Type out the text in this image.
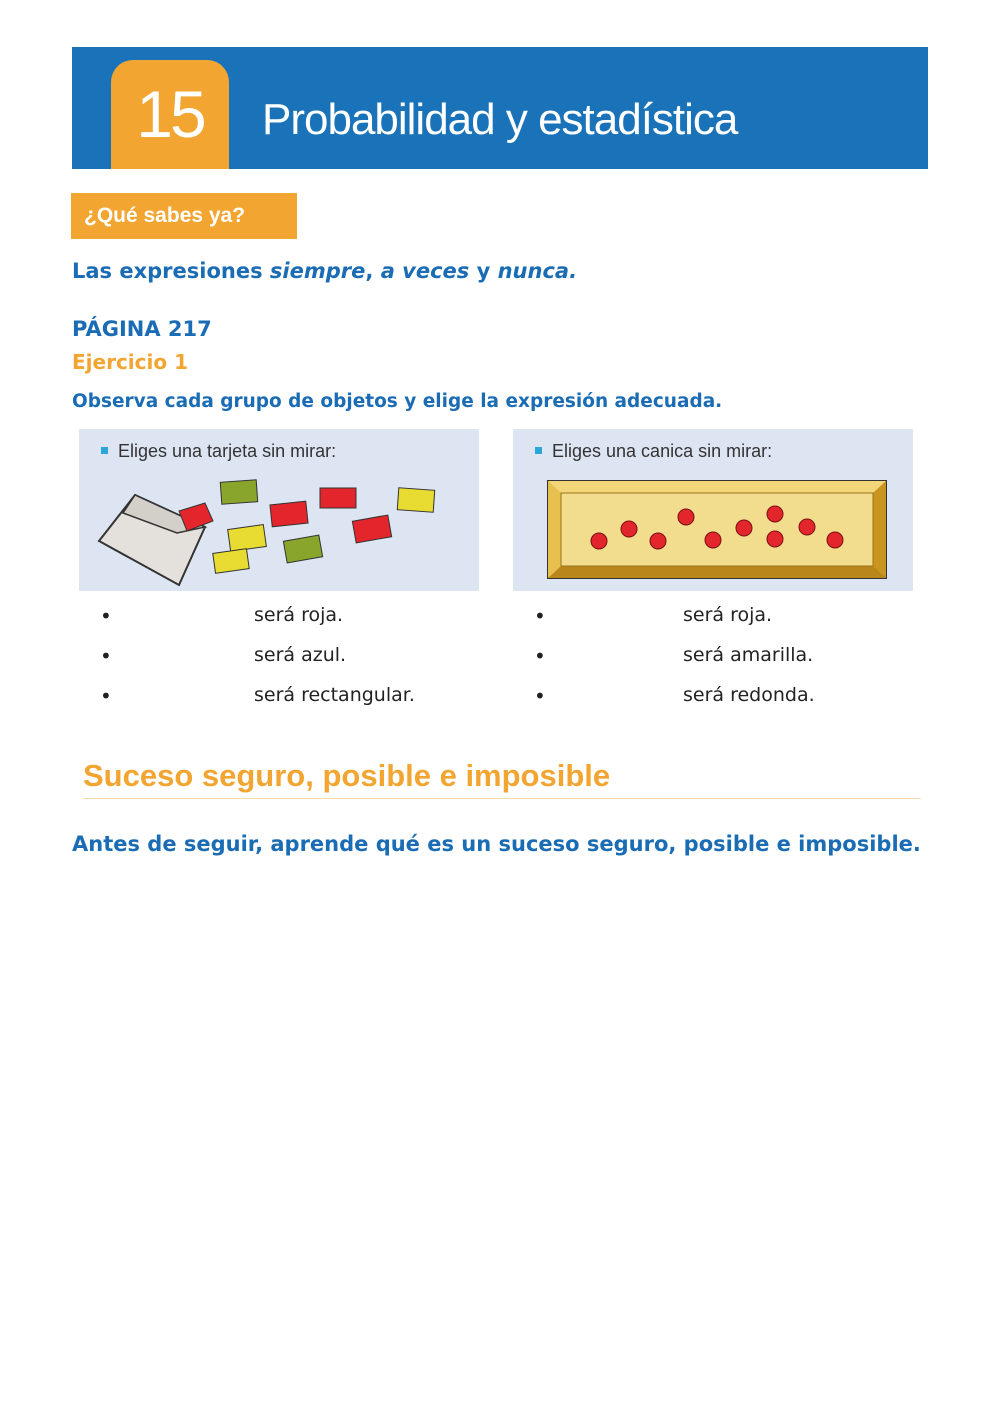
15	Probabilidad y estadística
¿Qué sabes ya?
Las expresiones siempre, a veces y nunca.
PÁGINA 217
Ejercicio 1
Observa cada grupo de objetos y elige la expresión adecuada.
Eliges una tarjeta sin mirar:	Eliges una canica sin mirar:
•	será roja.
•	será azul.
•	será rectangular.
•	será roja.
•	será amarilla.
•	será redonda.
Suceso seguro, posible e imposible
Antes de seguir, aprende qué es un suceso seguro, posible e imposible.
